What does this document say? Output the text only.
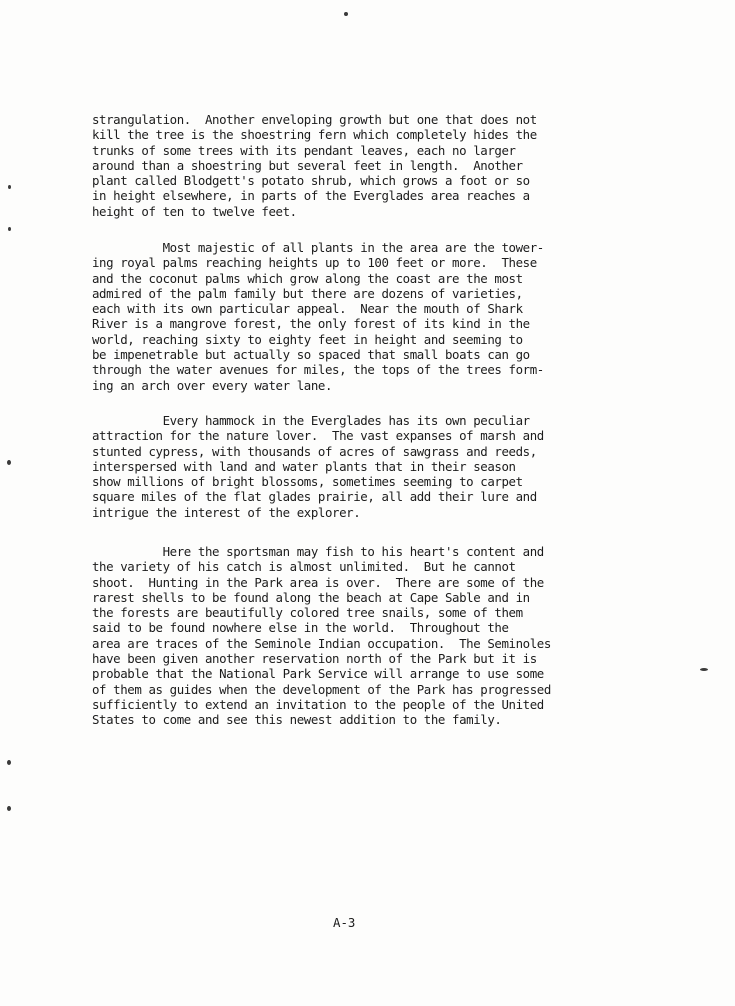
strangulation.  Another enveloping growth but one that does not
kill the tree is the shoestring fern which completely hides the
trunks of some trees with its pendant leaves, each no larger
around than a shoestring but several feet in length.  Another
plant called Blodgett's potato shrub, which grows a foot or so
in height elsewhere, in parts of the Everglades area reaches a
height of ten to twelve feet.

Most majestic of all plants in the area are the tower-
ing royal palms reaching heights up to 100 feet or more.  These
and the coconut palms which grow along the coast are the most
admired of the palm family but there are dozens of varieties,
each with its own particular appeal.  Near the mouth of Shark
River is a mangrove forest, the only forest of its kind in the
world, reaching sixty to eighty feet in height and seeming to
be impenetrable but actually so spaced that small boats can go
through the water avenues for miles, the tops of the trees form-
ing an arch over every water lane.

Every hammock in the Everglades has its own peculiar
attraction for the nature lover.  The vast expanses of marsh and
stunted cypress, with thousands of acres of sawgrass and reeds,
interspersed with land and water plants that in their season
show millions of bright blossoms, sometimes seeming to carpet
square miles of the flat glades prairie, all add their lure and
intrigue the interest of the explorer.

Here the sportsman may fish to his heart's content and
the variety of his catch is almost unlimited.  But he cannot
shoot.  Hunting in the Park area is over.  There are some of the
rarest shells to be found along the beach at Cape Sable and in
the forests are beautifully colored tree snails, some of them
said to be found nowhere else in the world.  Throughout the
area are traces of the Seminole Indian occupation.  The Seminoles
have been given another reservation north of the Park but it is
probable that the National Park Service will arrange to use some
of them as guides when the development of the Park has progressed
sufficiently to extend an invitation to the people of the United
States to come and see this newest addition to the family.

A-3
